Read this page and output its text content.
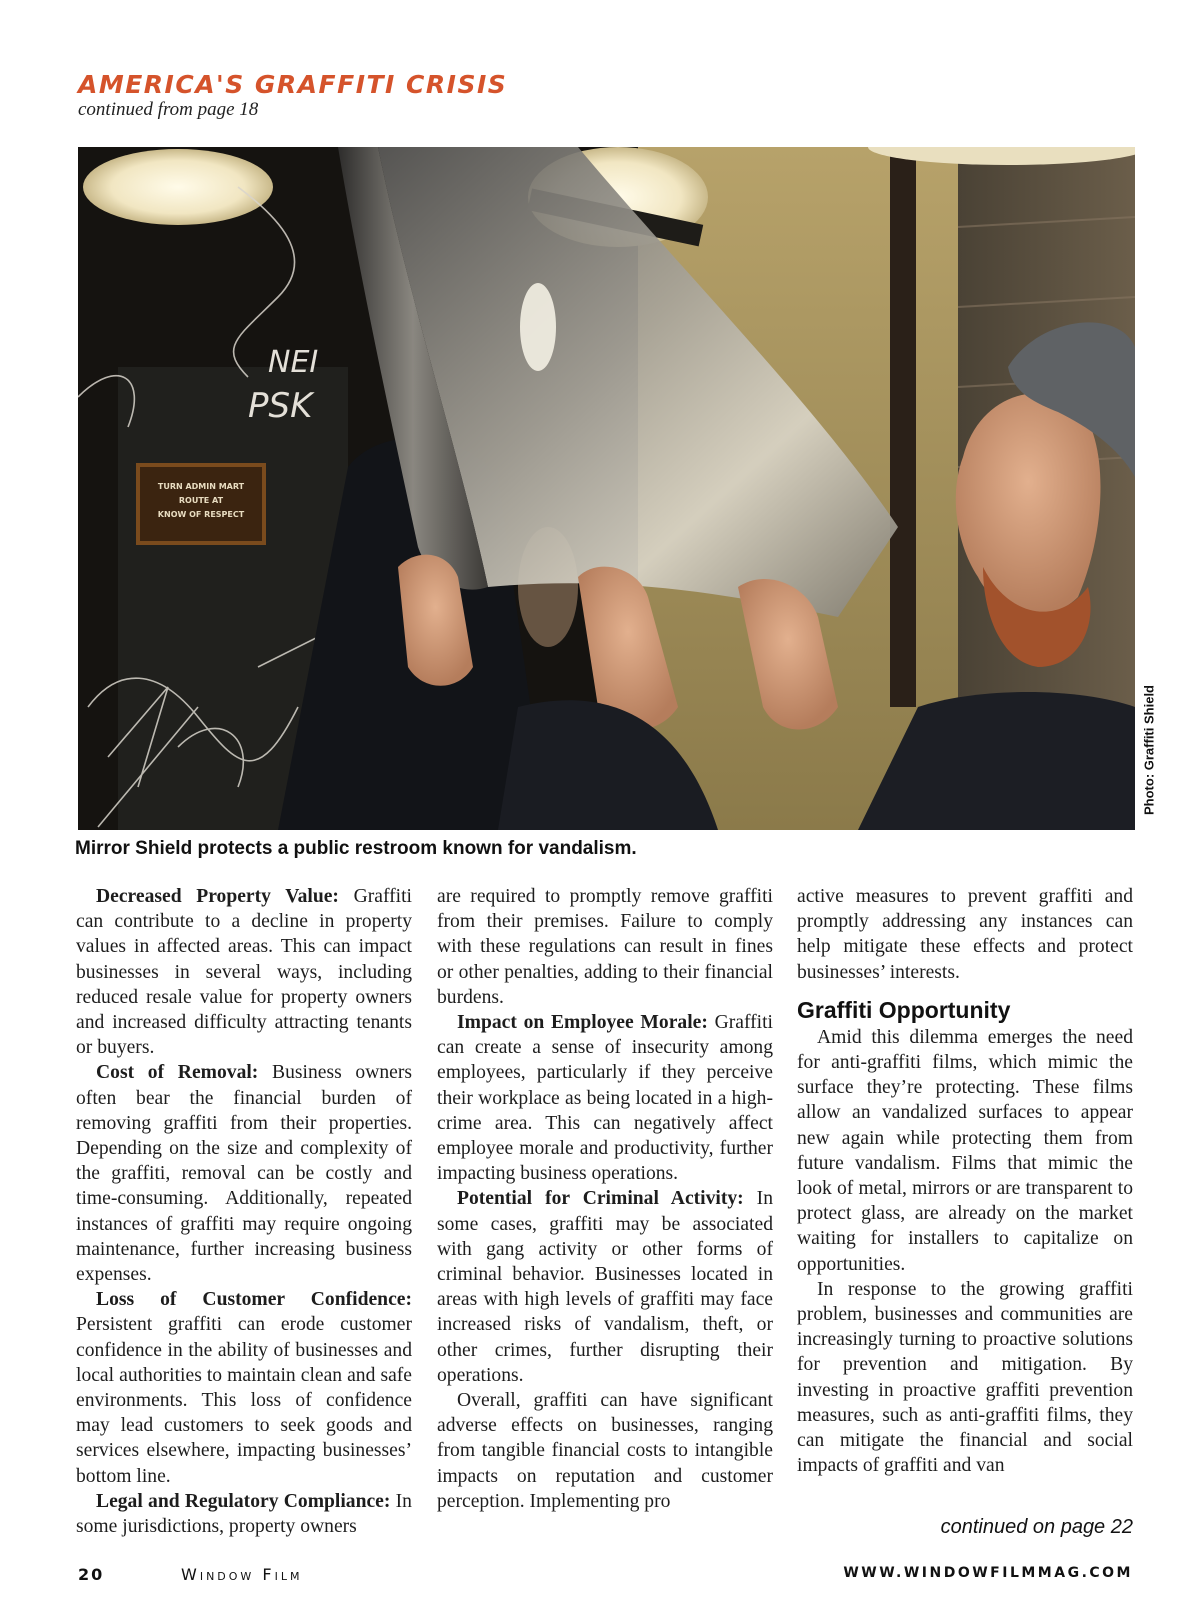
AMERICA'S GRAFFITI CRISIS
continued from page 18
TURN ADMIN MART
ROUTE AT
KNOW OF RESPECT
NEI
PSK
Photo: Graffiti Shield
Mirror Shield protects a public restroom known for vandalism.

Decreased Property Value: Graffiti can contribute to a decline in property values in affected areas. This can impact businesses in several ways, including reduced resale value for property owners and increased difficulty attracting tenants or buyers.

Cost of Removal: Business owners often bear the financial burden of removing graffiti from their properties. Depending on the size and complexity of the graffiti, removal can be costly and time-consuming. Additionally, repeated instances of graffiti may require ongoing maintenance, further increasing business expenses.

Loss of Customer Confidence: Persistent graffiti can erode customer confidence in the ability of businesses and local authorities to maintain clean and safe environments. This loss of confidence may lead customers to seek goods and services elsewhere, impacting businesses’ bottom line.

Legal and Regulatory Compliance: In some jurisdictions, property owners

are required to promptly remove graffiti from their premises. Failure to comply with these regulations can result in fines or other penalties, adding to their financial burdens.

Impact on Employee Morale: Graffiti can create a sense of insecurity among employees, particularly if they perceive their workplace as being located in a high-crime area. This can negatively affect employee morale and productivity, further impacting business operations.

Potential for Criminal Activity: In some cases, graffiti may be associated with gang activity or other forms of criminal behavior. Businesses located in areas with high levels of graffiti may face increased risks of vandalism, theft, or other crimes, further disrupting their operations.

Overall, graffiti can have significant adverse effects on businesses, ranging from tangible financial costs to intangible impacts on reputation and customer perception. Implementing pro

active measures to prevent graffiti and promptly addressing any instances can help mitigate these effects and protect businesses’ interests.

Graffiti Opportunity

Amid this dilemma emerges the need for anti-graffiti films, which mimic the surface they’re protecting. These films allow an vandalized surfaces to appear new again while protecting them from future vandalism. Films that mimic the look of metal, mirrors or are transparent to protect glass, are already on the market waiting for installers to capitalize on opportunities.

In response to the growing graffiti problem, businesses and communities are increasingly turning to proactive solutions for prevention and mitigation. By investing in proactive graffiti prevention measures, such as anti-graffiti films, they can mitigate the financial and social impacts of graffiti and van

continued on page 22
20	Window Film	WWW.WINDOWFILMMAG.COM
